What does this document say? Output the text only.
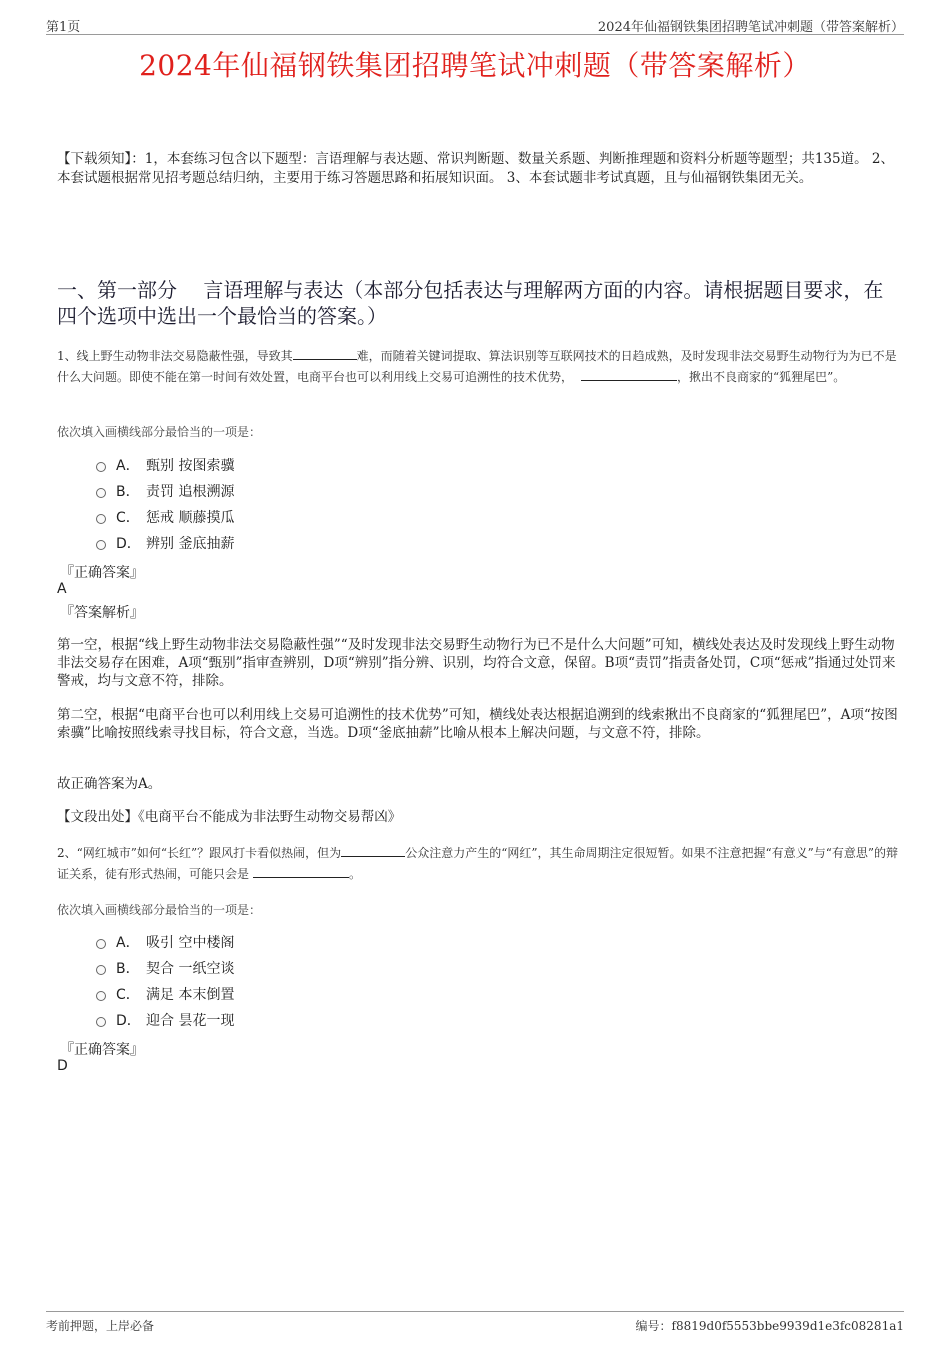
第1页	2024年仙福钢铁集团招聘笔试冲刺题（带答案解析）
2024年仙福钢铁集团招聘笔试冲刺题（带答案解析）
【下载须知】：1，本套练习包含以下题型：言语理解与表达题、常识判断题、数量关系题、判断推理题和资料分析题等题型；共135道。 2、本套试题根据常见招考题总结归纳，主要用于练习答题思路和拓展知识面。 3、本套试题非考试真题，且与仙福钢铁集团无关。
一、第一部分　 言语理解与表达（本部分包括表达与理解两方面的内容。请根据题目要求，在四个选项中选出一个最恰当的答案。）
1、线上野生动物非法交易隐蔽性强，导致其	难，而随着关键词提取、算法识别等互联网技术的日趋成熟，及时发现非法交易野生动物行为为已不是什么大问题。即使不能在第一时间有效处置，电商平台也可以利用线上交易可追溯性的技术优势，	，揪出不良商家的“狐狸尾巴”。
依次填入画横线部分最恰当的一项是：
A． 甄别 按图索骥
B． 责罚 追根溯源
C． 惩戒 顺藤摸瓜
D． 辨别 釜底抽薪
『正确答案』
A
『答案解析』
第一空，根据“线上野生动物非法交易隐蔽性强”“及时发现非法交易野生动物行为已不是什么大问题”可知，横线处表达及时发现线上野生动物非法交易存在困难，A项“甄别”指审查辨别，D项“辨别”指分辨、识别，均符合文意，保留。B项“责罚”指责备处罚，C项“惩戒”指通过处罚来警戒，均与文意不符，排除。
第二空，根据“电商平台也可以利用线上交易可追溯性的技术优势”可知，横线处表达根据追溯到的线索揪出不良商家的“狐狸尾巴”，A项“按图索骥”比喻按照线索寻找目标，符合文意，当选。D项“釜底抽薪”比喻从根本上解决问题，与文意不符，排除。
故正确答案为A。
【文段出处】《电商平台不能成为非法野生动物交易帮凶》
2、“网红城市”如何“长红”？跟风打卡看似热闹，但为	公众注意力产生的“网红”，其生命周期注定很短暂。如果不注意把握“有意义”与“有意思”的辩证关系，徒有形式热闹，可能只会是	。
依次填入画横线部分最恰当的一项是：
A． 吸引 空中楼阁
B． 契合 一纸空谈
C． 满足 本末倒置
D． 迎合 昙花一现
『正确答案』
D
考前押题，上岸必备	编号：f8819d0f5553bbe9939d1e3fc08281a1
